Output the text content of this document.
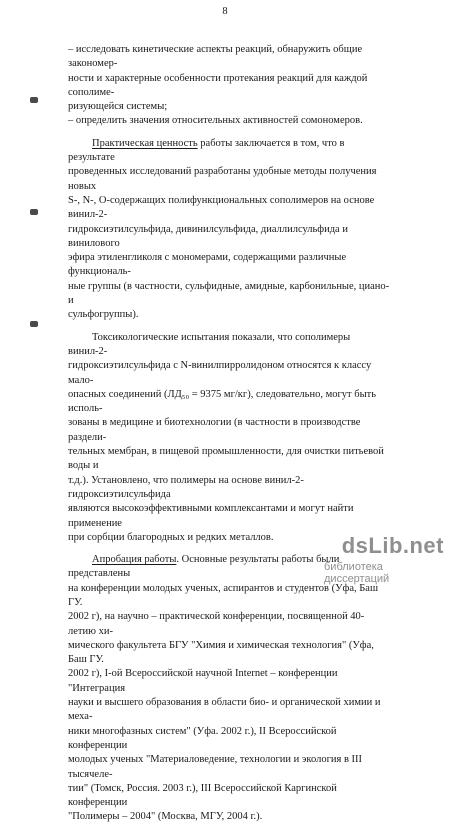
8

– исследовать кинетические аспекты реакций, обнаружить общие закономер-
ности и характерные особенности протекания реакций для каждой сополиме-
ризующейся системы;

– определить значения относительных активностей сомономеров.

Практическая ценность работы заключается в том, что в результате
проведенных исследований разработаны удобные методы получения новых
S-, N-, O-содержащих полифункциональных сополимеров на основе винил-2-
гидроксиэтилсульфида, дивинилсульфида, диаллилсульфида и винилового
эфира этиленгликоля с мономерами, содержащими различные функциональ-
ные группы (в частности, сульфидные, амидные, карбонильные, циано- и
сульфогруппы).

Токсикологические испытания показали, что сополимеры винил-2-
гидроксиэтилсульфида с N-винилпирролидоном относятся к классу мало-
опасных соединений (ЛД₅₀ = 9375 мг/кг), следовательно, могут быть исполь-
зованы в медицине и биотехнологии (в частности в производстве раздели-
тельных мембран, в пищевой промышленности, для очистки питьевой воды и
т.д.). Установлено, что полимеры на основе винил-2-гидроксиэтилсульфида
являются высокоэффективными комплексантами и могут найти применение
при сорбции благородных и редких металлов.

Апробация работы. Основные результаты работы были представлены
на конференции молодых ученых, аспирантов и студентов (Уфа, Баш ГУ.
2002 г), на научно – практической конференции, посвященной 40-летию хи-
мического факультета БГУ "Химия и химическая технология" (Уфа, Баш ГУ.
2002 г), I-ой Всероссийской научной Internet – конференции "Интеграция
науки и высшего образования в области био- и органической химии и меха-
ники многофазных систем" (Уфа. 2002 г.), II Всероссийской конференции
молодых ученых "Материаловедение, технологии и экология в III тысячеле-
тии" (Томск, Россия. 2003 г.), III Всероссийской Каргинской конференции
"Полимеры – 2004" (Москва, МГУ, 2004 г.).

dsLib.net
библиотека диссертаций
